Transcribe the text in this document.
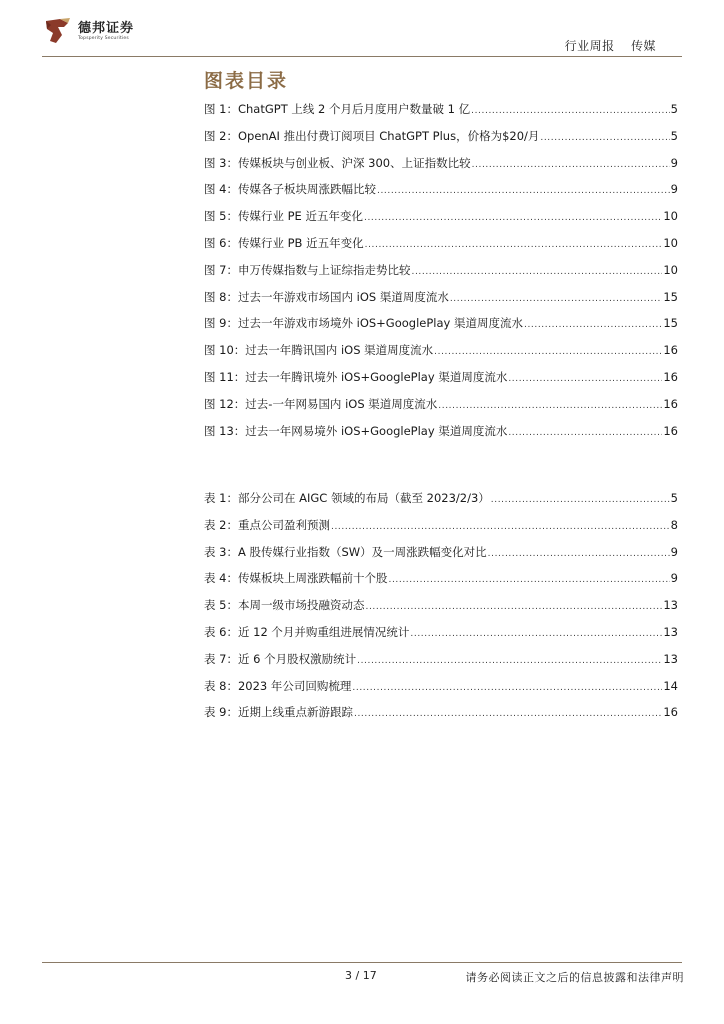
德邦证券
Topsperity Securities
行业周报 传媒
图表目录
图 1：ChatGPT 上线 2 个月后月度用户数量破 1 亿 .....	5
图 2：OpenAI 推出付费订阅项目 ChatGPT Plus，价格为$20/月 .....	5
图 3：传媒板块与创业板、沪深 300、上证指数比较 .....	9
图 4：传媒各子板块周涨跌幅比较 .....	9
图 5：传媒行业 PE 近五年变化 .....	10
图 6：传媒行业 PB 近五年变化 .....	10
图 7：申万传媒指数与上证综指走势比较 .....	10
图 8：过去一年游戏市场国内 iOS 渠道周度流水 .....	15
图 9：过去一年游戏市场境外 iOS+GooglePlay 渠道周度流水 .....	15
图 10：过去一年腾讯国内 iOS 渠道周度流水 .....	16
图 11：过去一年腾讯境外 iOS+GooglePlay 渠道周度流水 .....	16
图 12：过去-一年网易国内 iOS 渠道周度流水 .....	16
图 13：过去一年网易境外 iOS+GooglePlay 渠道周度流水 .....	16
表 1：部分公司在 AIGC 领域的布局（截至 2023/2/3） .....	5
表 2：重点公司盈利预测 .....	8
表 3：A 股传媒行业指数（SW）及一周涨跌幅变化对比 .....	9
表 4：传媒板块上周涨跌幅前十个股 .....	9
表 5：本周一级市场投融资动态 .....	13
表 6：近 12 个月并购重组进展情况统计 .....	13
表 7：近 6 个月股权激励统计 .....	13
表 8：2023 年公司回购梳理 .....	14
表 9：近期上线重点新游跟踪 .....	16
3 / 17	请务必阅读正文之后的信息披露和法律声明
